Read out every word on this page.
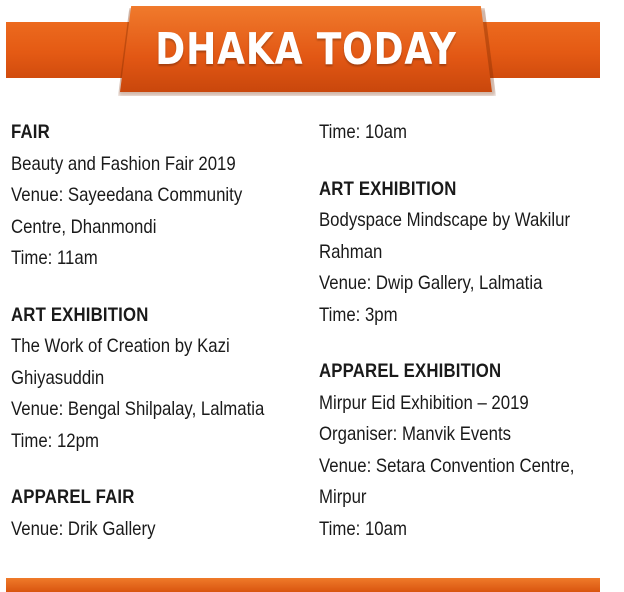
DHAKA TODAY
FAIR
Beauty and Fashion Fair 2019
Venue: Sayeedana Community
Centre, Dhanmondi
Time: 11am
ART EXHIBITION
The Work of Creation by Kazi
Ghiyasuddin
Venue: Bengal Shilpalay, Lalmatia
Time: 12pm
APPAREL FAIR
Venue: Drik Gallery
Time: 10am
ART EXHIBITION
Bodyspace Mindscape by Wakilur
Rahman
Venue: Dwip Gallery, Lalmatia
Time: 3pm
APPAREL EXHIBITION
Mirpur Eid Exhibition – 2019
Organiser: Manvik Events
Venue: Setara Convention Centre,
Mirpur
Time: 10am
